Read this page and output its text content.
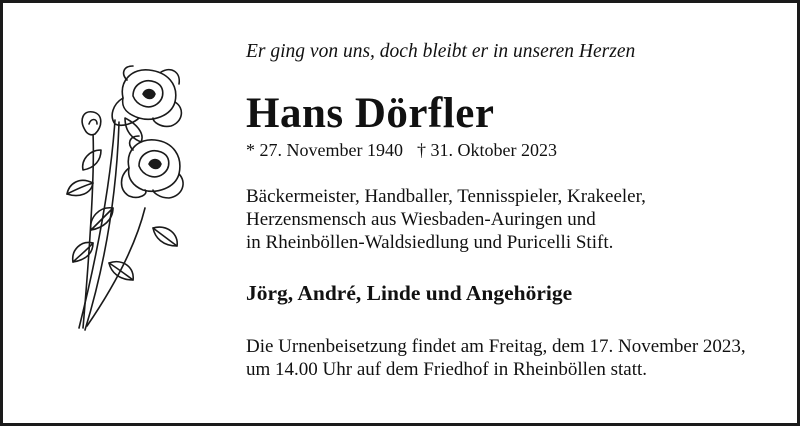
Er ging von uns, doch bleibt er in unseren Herzen
Hans Dörfler
* 27. November 1940 † 31. Oktober 2023
Bäckermeister, Handballer, Tennisspieler, Krakeeler,
Herzensmensch aus Wiesbaden-Auringen und
in Rheinböllen-Waldsiedlung und Puricelli Stift.
Jörg, André, Linde und Angehörige
Die Urnenbeisetzung findet am Freitag, dem 17. November 2023,
um 14.00 Uhr auf dem Friedhof in Rheinböllen statt.
